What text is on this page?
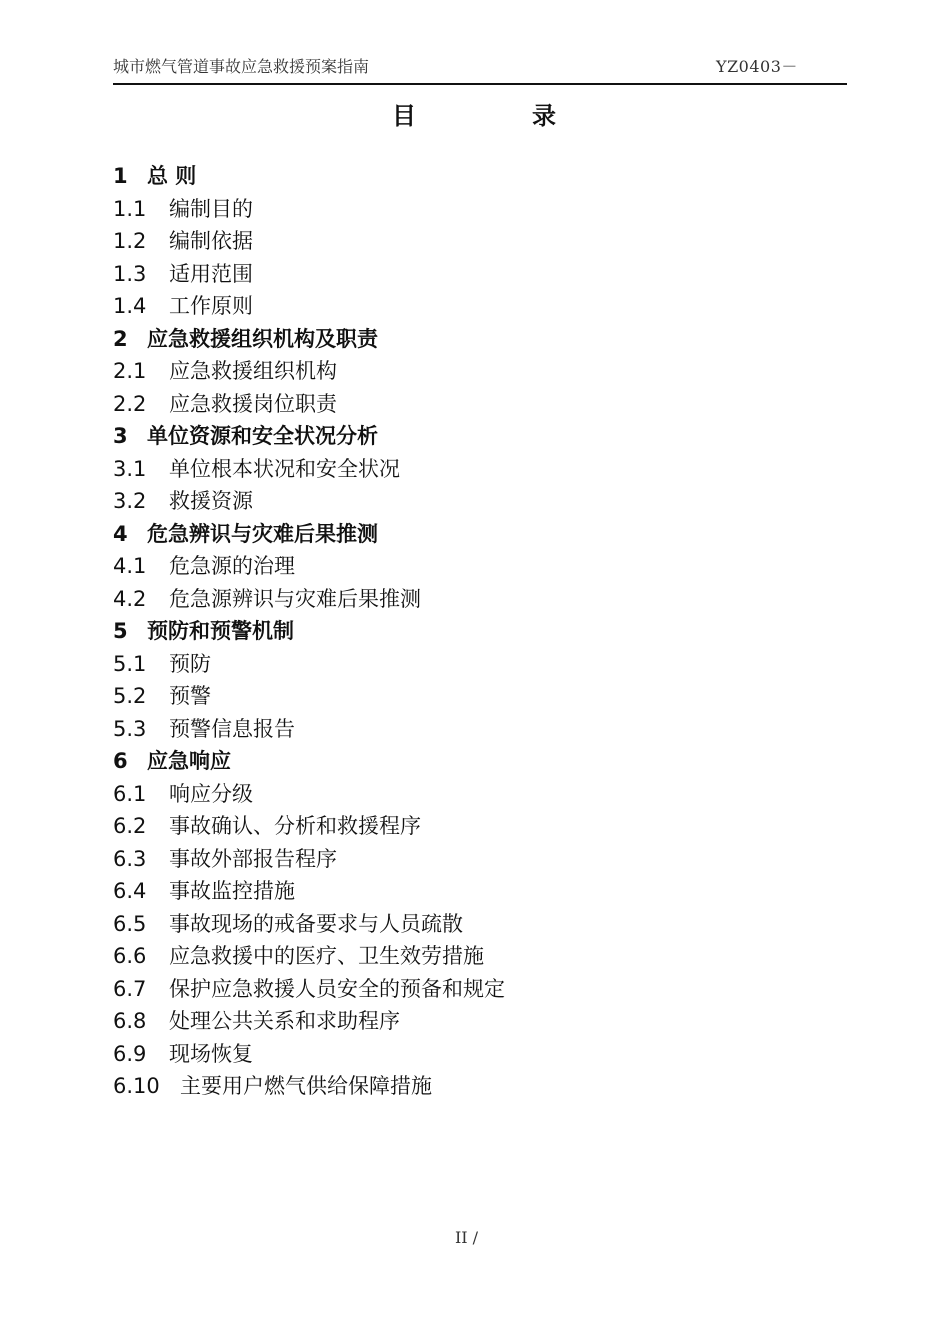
城市燃气管道事故应急救援预案指南	YZ0403－
目	录
1 总 则
1.1 编制目的
1.2 编制依据
1.3 适用范围
1.4 工作原则
2 应急救援组织机构及职责
2.1 应急救援组织机构
2.2 应急救援岗位职责
3 单位资源和安全状况分析
3.1 单位根本状况和安全状况
3.2 救援资源
4 危急辨识与灾难后果推测
4.1 危急源的治理
4.2 危急源辨识与灾难后果推测
5 预防和预警机制
5.1 预防
5.2 预警
5.3 预警信息报告
6 应急响应
6.1 响应分级
6.2 事故确认、分析和救援程序
6.3 事故外部报告程序
6.4 事故监控措施
6.5 事故现场的戒备要求与人员疏散
6.6 应急救援中的医疗、卫生效劳措施
6.7 保护应急救援人员安全的预备和规定
6.8 处理公共关系和求助程序
6.9 现场恢复
6.10 主要用户燃气供给保障措施
II /
